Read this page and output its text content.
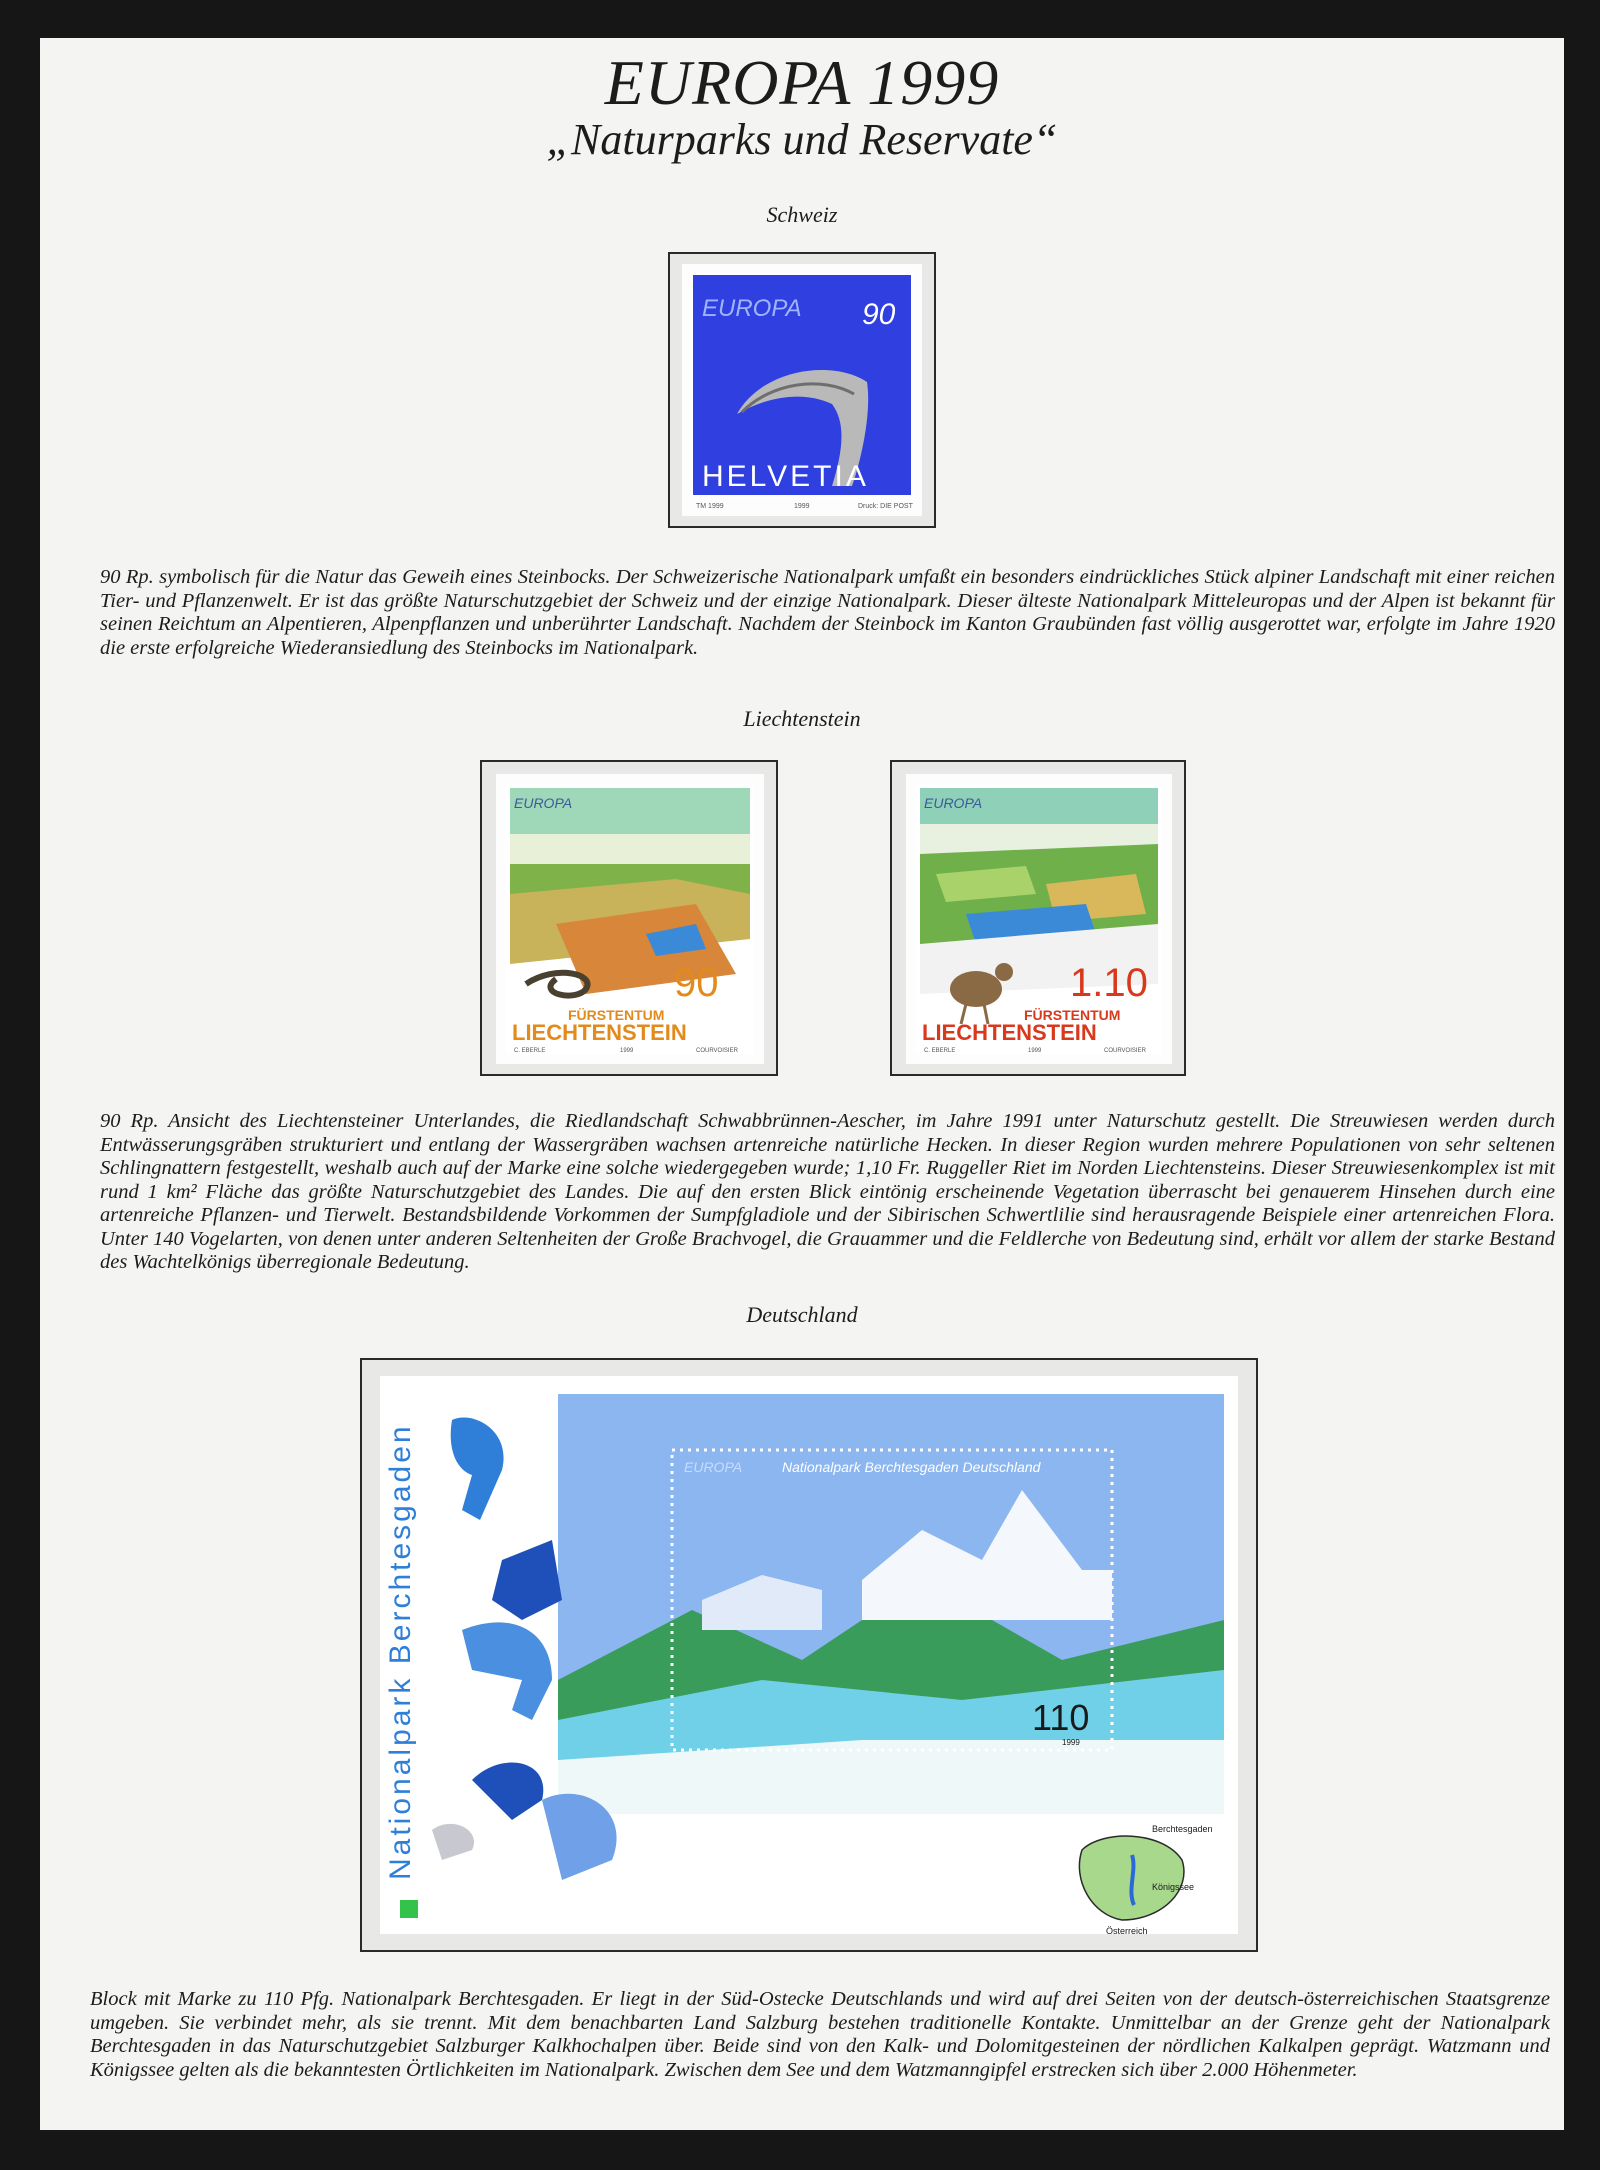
EUROPA 1999
„Naturparks und Reservate“
Schweiz
EUROPA 90
HELVETIA
TM 1999	1999	Druck: DIE POST

90 Rp. symbolisch für die Natur das Geweih eines Steinbocks. Der Schweizerische Nationalpark umfaßt ein besonders eindrückliches Stück alpiner Landschaft mit einer reichen Tier- und Pflanzenwelt. Er ist das größte Naturschutzgebiet der Schweiz und der einzige Nationalpark. Dieser älteste Nationalpark Mitteleuropas und der Alpen ist bekannt für seinen Reichtum an Alpentieren, Alpenpflanzen und unberührter Landschaft. Nachdem der Steinbock im Kanton Graubünden fast völlig ausgerottet war, erfolgte im Jahre 1920 die erste erfolgreiche Wiederansiedlung des Steinbocks im Nationalpark.

Liechtenstein
EUROPA
90
FÜRSTENTUM
LIECHTENSTEIN
C. EBERLE	1999	COURVOISIER
EUROPA
1.10
FÜRSTENTUM
LIECHTENSTEIN
C. EBERLE	1999	COURVOISIER

90 Rp. Ansicht des Liechtensteiner Unterlandes, die Riedlandschaft Schwabbrünnen-Aescher, im Jahre 1991 unter Naturschutz gestellt. Die Streuwiesen werden durch Entwässerungsgräben strukturiert und entlang der Wassergräben wachsen artenreiche natürliche Hecken. In dieser Region wurden mehrere Populationen von sehr seltenen Schlingnattern festgestellt, weshalb auch auf der Marke eine solche wiedergegeben wurde; 1,10 Fr. Ruggeller Riet im Norden Liechtensteins. Dieser Streuwiesenkomplex ist mit rund 1 km² Fläche das größte Naturschutzgebiet des Landes. Die auf den ersten Blick eintönig erscheinende Vegetation überrascht bei genauerem Hinsehen durch eine artenreiche Pflanzen- und Tierwelt. Bestandsbildende Vorkommen der Sumpfgladiole und der Sibirischen Schwertlilie sind herausragende Beispiele einer artenreichen Flora. Unter 140 Vogelarten, von denen unter anderen Seltenheiten der Große Brachvogel, die Grauammer und die Feldlerche von Bedeutung sind, erhält vor allem der starke Bestand des Wachtelkönigs überregionale Bedeutung.

Deutschland
Nationalpark Berchtesgaden	EUROPA	Nationalpark Berchtesgaden Deutschland
110
1999
Berchtesgaden
Königssee
Österreich

Block mit Marke zu 110 Pfg. Nationalpark Berchtesgaden. Er liegt in der Süd-Ostecke Deutschlands und wird auf drei Seiten von der deutsch-österreichischen Staatsgrenze umgeben. Sie verbindet mehr, als sie trennt. Mit dem benachbarten Land Salzburg bestehen traditionelle Kontakte. Unmittelbar an der Grenze geht der Nationalpark Berchtesgaden in das Naturschutzgebiet Salzburger Kalkhochalpen über. Beide sind von den Kalk- und Dolomitgesteinen der nördlichen Kalkalpen geprägt. Watzmann und Königssee gelten als die bekanntesten Örtlichkeiten im Nationalpark. Zwischen dem See und dem Watzmanngipfel erstrecken sich über 2.000 Höhenmeter.
